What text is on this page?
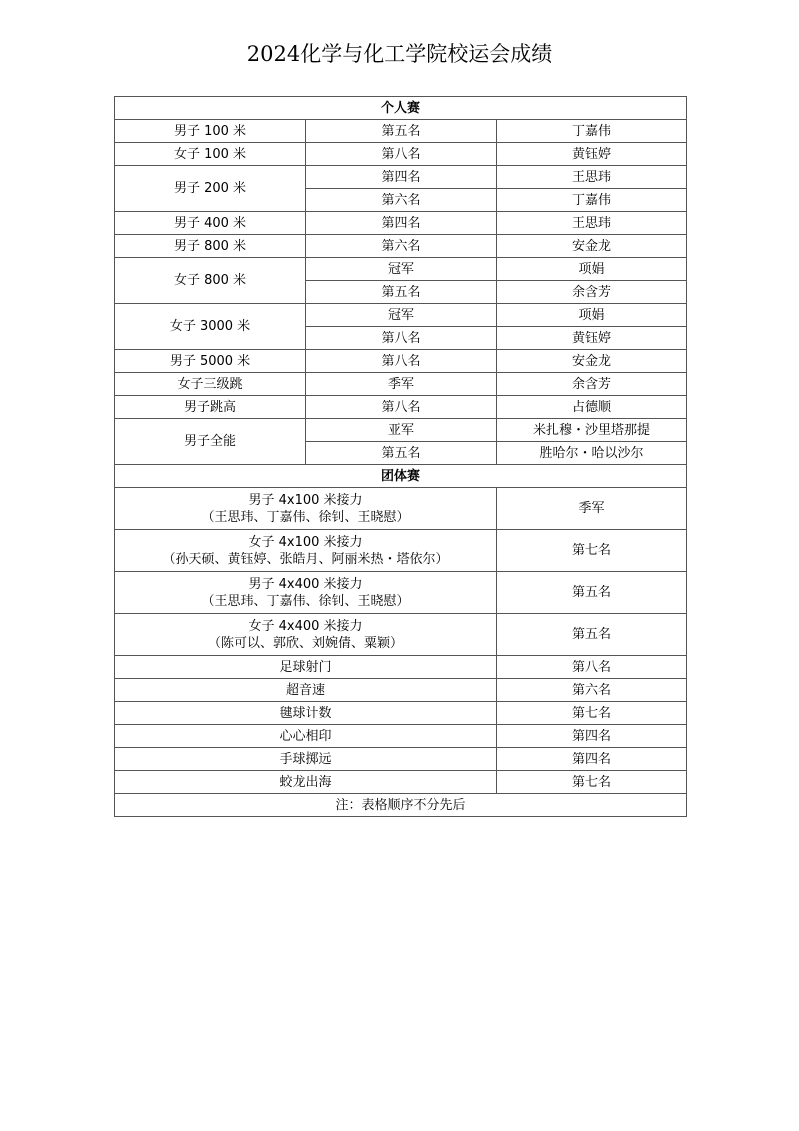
2024化学与化工学院校运会成绩
个人赛		
男子 100 米	第五名	丁嘉伟
女子 100 米	第八名	黄钰婷
男子 200 米	第四名	王思玮
	第六名	丁嘉伟
男子 400 米	第四名	王思玮
男子 800 米	第六名	安金龙
女子 800 米	冠军	项娟
	第五名	余含芳
女子 3000 米	冠军	项娟
	第八名	黄钰婷
男子 5000 米	第八名	安金龙
女子三级跳	季军	余含芳
男子跳高	第八名	占德顺
男子全能	亚军	米扎穆・沙里塔那提
	第五名	胜哈尔・哈以沙尔
团体赛		

男子 4x100 米接力
（王思玮、丁嘉伟、徐钊、王晓慰）		季军

女子 4x100 米接力
（孙天硕、黄钰婷、张皓月、阿丽米热・塔依尔）		第七名

男子 4x400 米接力
（王思玮、丁嘉伟、徐钊、王晓慰）		第五名

女子 4x400 米接力
（陈可以、郭欣、刘婉倩、粟颖）		第五名
足球射门		第八名
超音速		第六名
毽球计数		第七名
心心相印		第四名
手球掷远		第四名
蛟龙出海		第七名
注：表格顺序不分先后		
